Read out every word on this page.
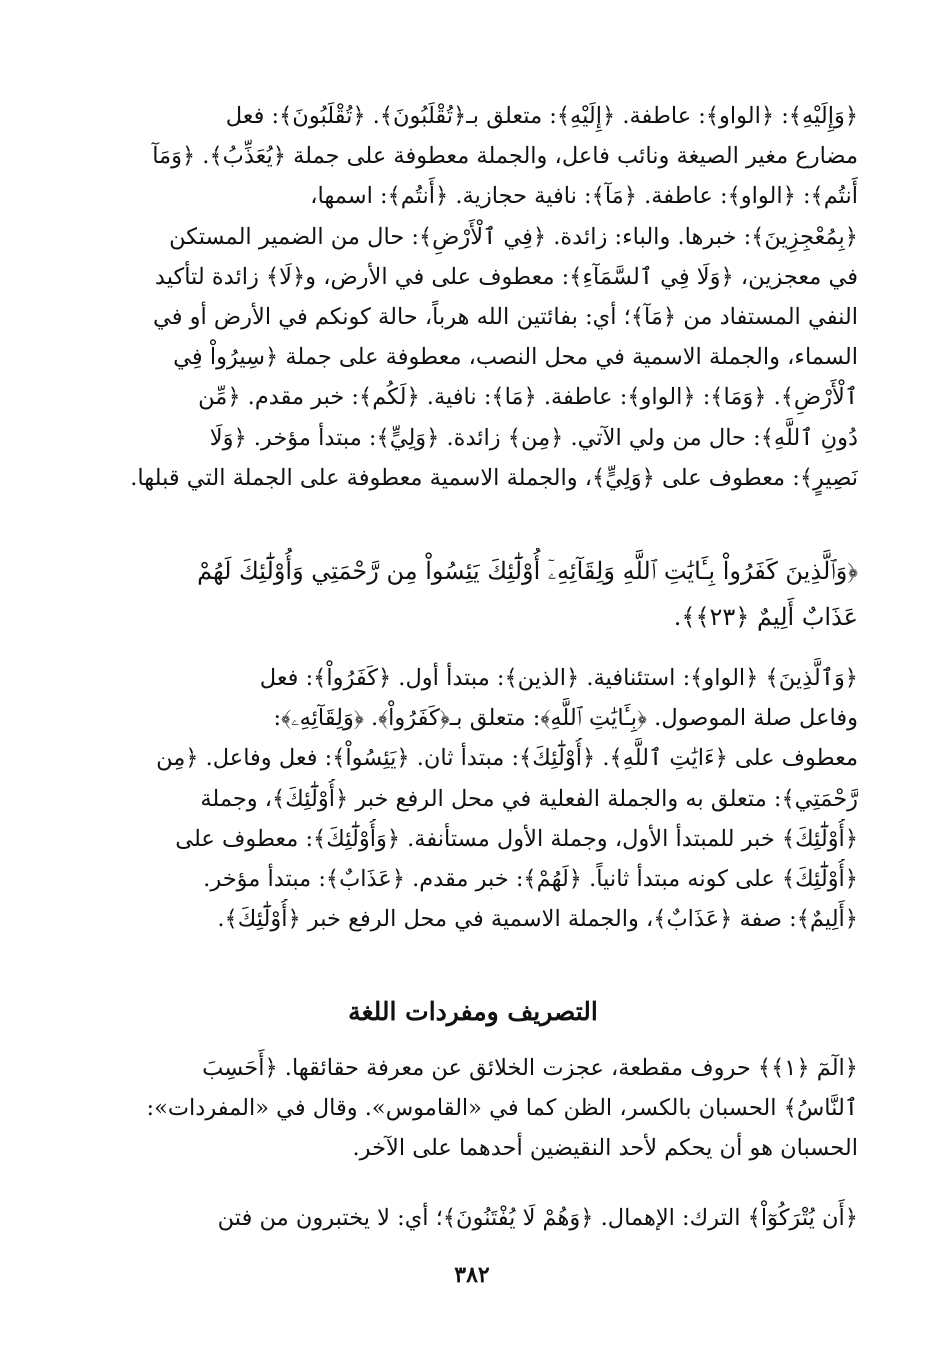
﴿وَإِلَيْهِ﴾: ﴿الواو﴾: عاطفة. ﴿إِلَيْهِ﴾: متعلق بـ﴿تُقْلَبُونَ﴾. ﴿تُقْلَبُونَ﴾: فعل
مضارع مغير الصيغة ونائب فاعل، والجملة معطوفة على جملة ﴿يُعَذِّبُ﴾. ﴿وَمَآ
أَنتُم﴾: ﴿الواو﴾: عاطفة. ﴿مَآ﴾: نافية حجازية. ﴿أَنتُم﴾: اسمها،
﴿بِمُعْجِزِينَ﴾: خبرها. والباء: زائدة. ﴿فِي ٱلْأَرْضِ﴾: حال من الضمير المستكن
في معجزين، ﴿وَلَا فِي ٱلسَّمَآءِ﴾: معطوف على في الأرض، و﴿لَا﴾ زائدة لتأكيد
النفي المستفاد من ﴿مَآ﴾؛ أي: بفائتين الله هرباً، حالة كونكم في الأرض أو في
السماء، والجملة الاسمية في محل النصب، معطوفة على جملة ﴿سِيرُواْ فِي
ٱلْأَرْضِ﴾. ﴿وَمَا﴾: ﴿الواو﴾: عاطفة. ﴿مَا﴾: نافية. ﴿لَكُم﴾: خبر مقدم. ﴿مِّن
دُونِ ٱللَّهِ﴾: حال من ولي الآتي. ﴿مِن﴾ زائدة. ﴿وَلِيٍّ﴾: مبتدأ مؤخر. ﴿وَلَا
نَصِيرٍ﴾: معطوف على ﴿وَلِيٍّ﴾، والجملة الاسمية معطوفة على الجملة التي قبلها.
﴿وَٱلَّذِينَ كَفَرُواْ بِـَٔايَٰتِ ٱللَّهِ وَلِقَآئِهِۦٓ أُوْلَٰٓئِكَ يَئِسُواْ مِن رَّحْمَتِي وَأُوْلَٰٓئِكَ لَهُمْ
عَذَابٌ أَلِيمٌ ﴿٢٣﴾﴾.
﴿وَٱلَّذِينَ﴾ ﴿الواو﴾: استئنافية. ﴿الذين﴾: مبتدأ أول. ﴿كَفَرُواْ﴾: فعل
وفاعل صلة الموصول. ﴿بِـَٔايَٰتِ ٱللَّهِ﴾: متعلق بـ﴿كَفَرُواْ﴾. ﴿وَلِقَآئِهِۦ﴾:
معطوف على ﴿ءَايَٰتِ ٱللَّهِ﴾. ﴿أُوْلَٰٓئِكَ﴾: مبتدأ ثان. ﴿يَئِسُواْ﴾: فعل وفاعل. ﴿مِن
رَّحْمَتِي﴾: متعلق به والجملة الفعلية في محل الرفع خبر ﴿أُوْلَٰٓئِكَ﴾، وجملة
﴿أُوْلَٰٓئِكَ﴾ خبر للمبتدأ الأول، وجملة الأول مستأنفة. ﴿وَأُوْلَٰٓئِكَ﴾: معطوف على
﴿أُوْلَٰٓئِكَ﴾ على كونه مبتدأ ثانياً. ﴿لَهُمْ﴾: خبر مقدم. ﴿عَذَابٌ﴾: مبتدأ مؤخر.
﴿أَلِيمٌ﴾: صفة ﴿عَذَابٌ﴾، والجملة الاسمية في محل الرفع خبر ﴿أُوْلَٰٓئِكَ﴾.
التصريف ومفردات اللغة
﴿الٓمٓ ﴿١﴾﴾ حروف مقطعة، عجزت الخلائق عن معرفة حقائقها. ﴿أَحَسِبَ
ٱلنَّاسُ﴾ الحسبان بالكسر، الظن كما في «القاموس». وقال في «المفردات»:
الحسبان هو أن يحكم لأحد النقيضين أحدهما على الآخر.
﴿أَن يُتْرَكُوٓاْ﴾ الترك: الإهمال. ﴿وَهُمْ لَا يُفْتَنُونَ﴾؛ أي: لا يختبرون من فتن
٣٨٢
